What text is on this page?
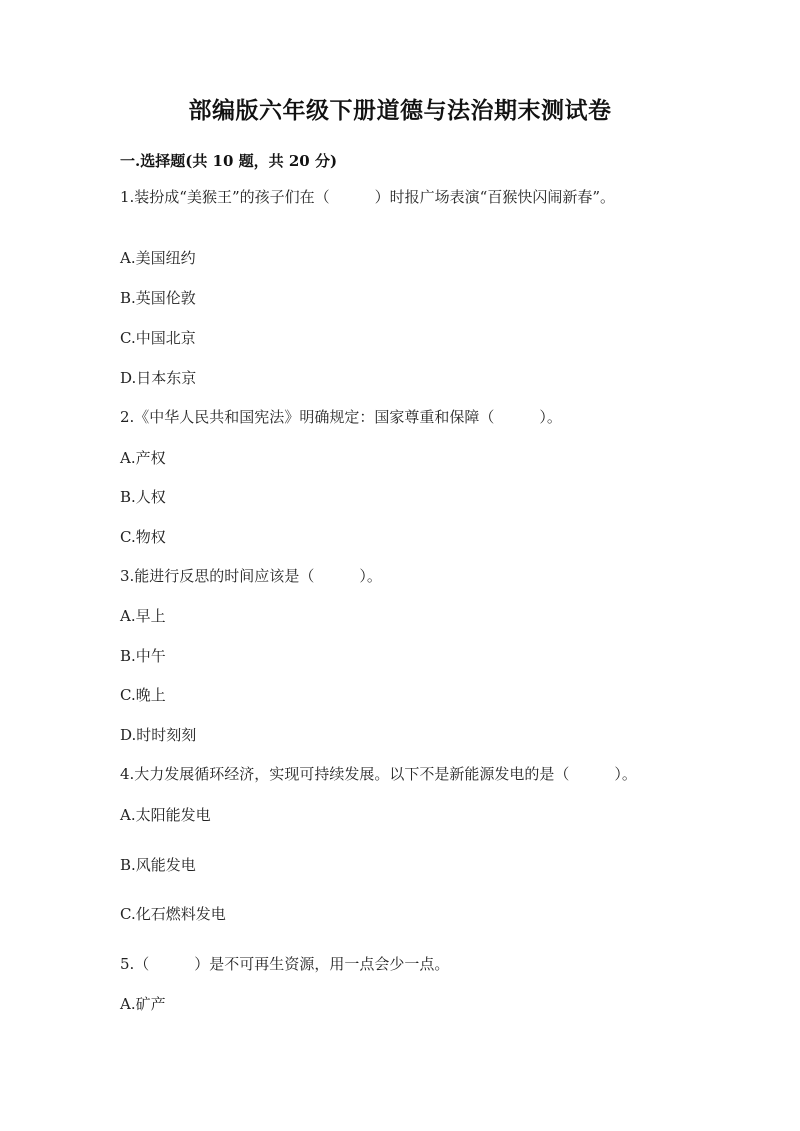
部编版六年级下册道德与法治期末测试卷
一.选择题(共 10 题，共 20 分)
1.装扮成“美猴王”的孩子们在（　　　）时报广场表演“百猴快闪闹新春”。
A.美国纽约
B.英国伦敦
C.中国北京
D.日本东京
2.《中华人民共和国宪法》明确规定：国家尊重和保障（　　　）。
A.产权
B.人权
C.物权
3.能进行反思的时间应该是（　　　）。
A.早上
B.中午
C.晚上
D.时时刻刻
4.大力发展循环经济，实现可持续发展。以下不是新能源发电的是（　　　）。
A.太阳能发电
B.风能发电
C.化石燃料发电
5.（　　　）是不可再生资源，用一点会少一点。
A.矿产
